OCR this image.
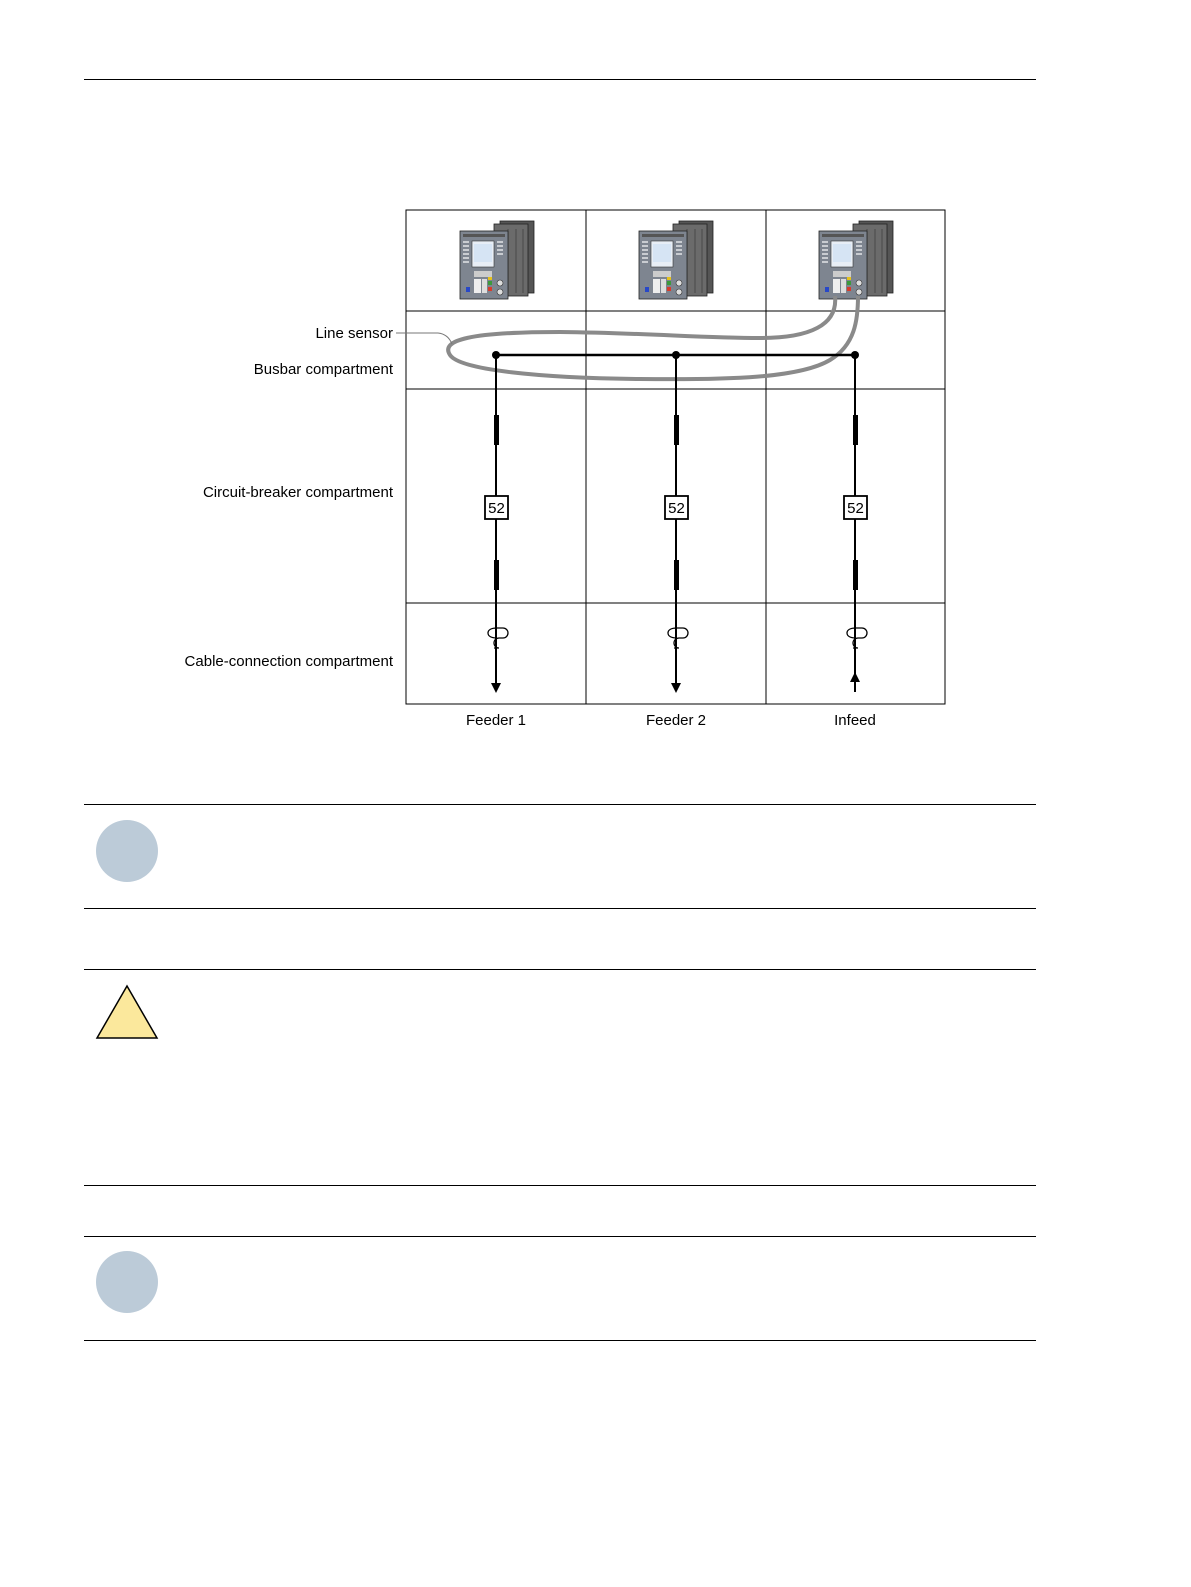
52	52	52
Line sensor
Busbar compartment
Circuit-breaker compartment
Cable-connection compartment
Feeder 1	Feeder 2	Infeed
